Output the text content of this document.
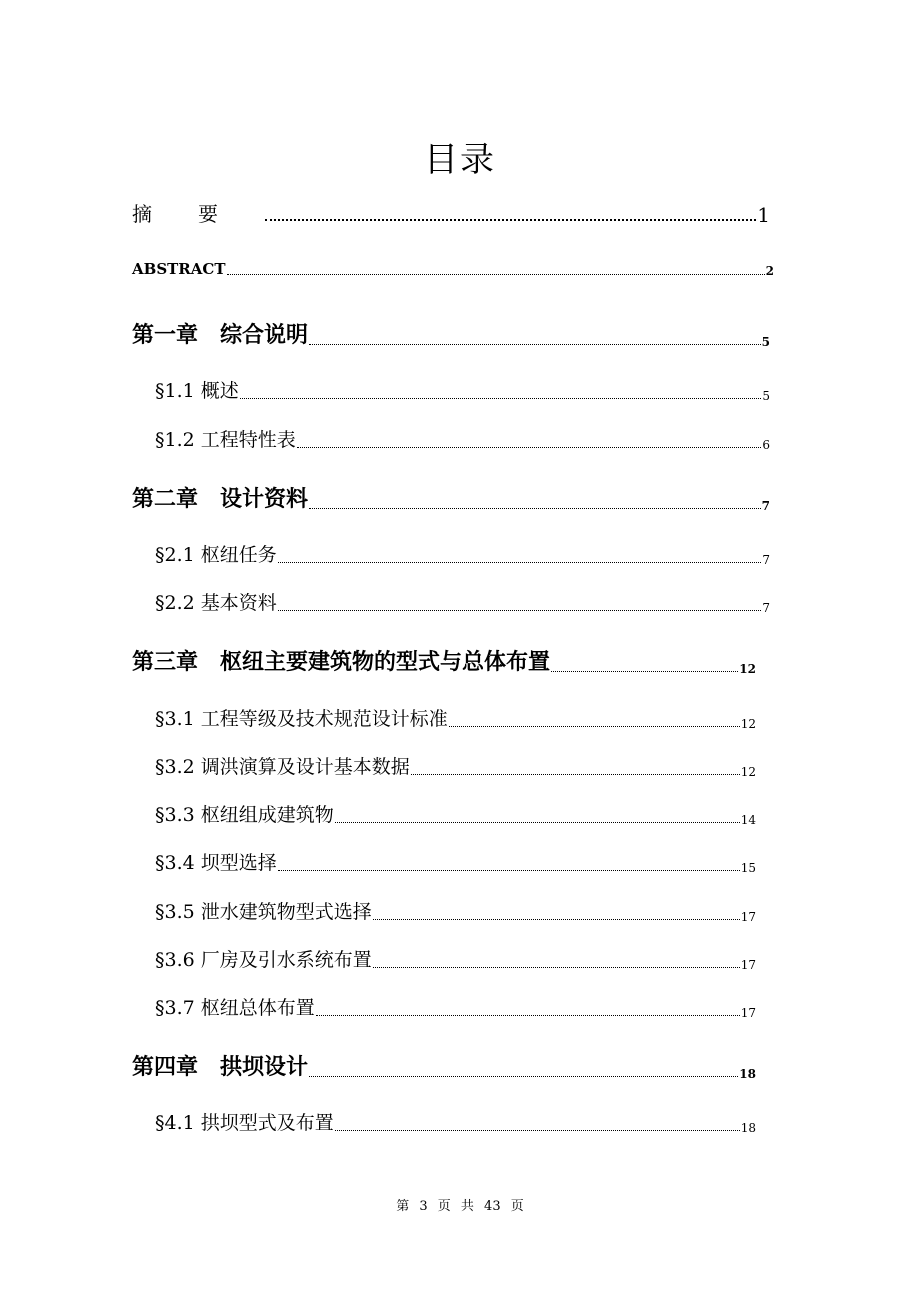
目录
摘要	1
ABSTRACT	2
第一章　综合说明	5
§1.1 概述	5
§1.2 工程特性表	6
第二章　设计资料	7
§2.1 枢纽任务	7
§2.2 基本资料	7
第三章　枢纽主要建筑物的型式与总体布置	12
§3.1 工程等级及技术规范设计标准	12
§3.2 调洪演算及设计基本数据	12
§3.3 枢纽组成建筑物	14
§3.4 坝型选择	15
§3.5 泄水建筑物型式选择	17
§3.6 厂房及引水系统布置	17
§3.7 枢纽总体布置	17
第四章　拱坝设计	18
§4.1 拱坝型式及布置	18
第 3 页 共 43 页
